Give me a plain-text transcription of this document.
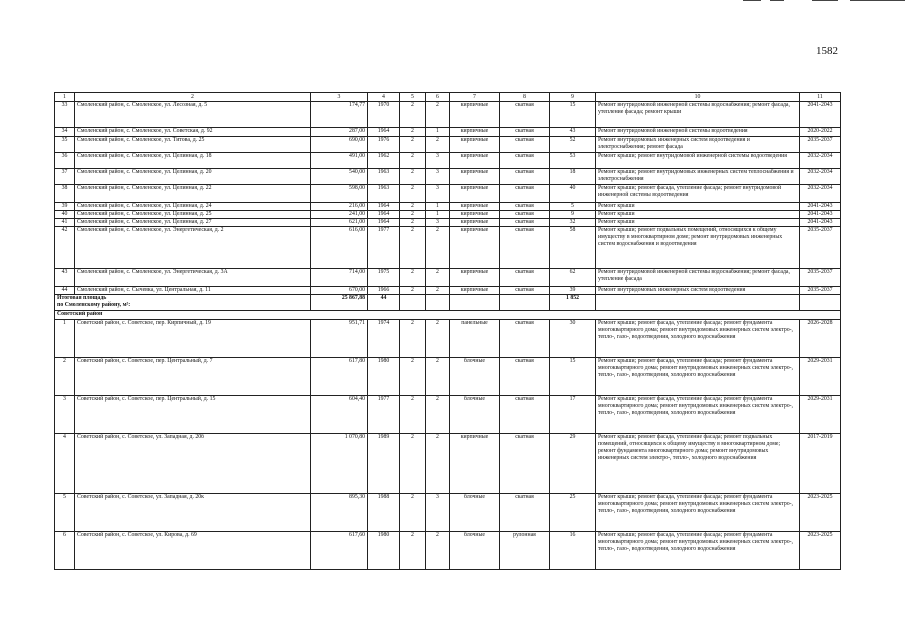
1582
1	2	3	4	5	6	7	8	9	10	11
33	Смоленский район, с. Смоленское, ул. Лесозная, д. 5	174,77	1970	2	2	кирпичные	скатная	15	Ремонт внутридомовой инженерной системы водоснабжения; ремонт фасада, утепление фасада; ремонт крыши	2041-2043
34	Смоленский район, с. Смоленское, ул. Советская, д. 92	287,00	1964	2	1	кирпичные	скатная	43	Ремонт внутридомовой инженерной системы водоотведения	2020-2022
35	Смоленский район, с. Смоленское, ул. Титова, д. 25	690,00	1976	2	2	кирпичные	скатная	52	Ремонт внутридомовых инженерных систем водоотведения и электроснабжения; ремонт фасада	2035-2037
36	Смоленский район, с. Смоленское, ул. Целинная, д. 18	491,00	1962	2	3	кирпичные	скатная	53	Ремонт крыши; ремонт внутридомовой инженерной системы водоотведения	2032-2034
37	Смоленский район, с. Смоленское, ул. Целинная, д. 20	540,00	1963	2	3	кирпичные	скатная	18	Ремонт крыши; ремонт внутридомовых инженерных систем теплоснабжения и электроснабжения	2032-2034
38	Смоленский район, с. Смоленское, ул. Целинная, д. 22	598,00	1963	2	3	кирпичные	скатная	40	Ремонт крыши; ремонт фасада, утепление фасада; ремонт внутридомовой инженерной системы водоотведения	2032-2034
39	Смоленский район, с. Смоленское, ул. Целинная, д. 24	216,00	1964	2	1	кирпичные	скатная	5	Ремонт крыши	2041-2043
40	Смоленский район, с. Смоленское, ул. Целинная, д. 25	241,00	1964	2	1	кирпичные	скатная	9	Ремонт крыши	2041-2043
41	Смоленский район, с. Смоленское, ул. Целинная, д. 27	621,00	1964	2	3	кирпичные	скатная	32	Ремонт крыши	2041-2043
42	Смоленский район, с. Смоленское, ул. Энергетическая, д. 2	616,00	1977	2	2	кирпичные	скатная	58	Ремонт крыши; ремонт подвальных помещений, относящихся к общему имуществу в многоквартирном доме; ремонт внутридомовых инженерных систем водоснабжения и водоотведения	2035-2037
43	Смоленский район, с. Смоленское, ул. Энергетическая, д. 3А	714,00	1975	2	2	кирпичные	скатная	62	Ремонт внутридомовой инженерной системы водоснабжения; ремонт фасада, утепление фасада	2035-2037
44	Смоленский район, с. Сычевка, ул. Центральная, д. 11	670,00	1966	2	2	кирпичные	скатная	39	Ремонт внутридомовых инженерных систем водоотведения	2035-2037

Итоговая площадь
по Смоленскому району, м²:		25 867,88	44					1 852		
Советский район										
1	Советский район, с. Советское, пер. Кирпичный, д. 19	951,71	1974	2	2	панельные	скатная	30	Ремонт крыши; ремонт фасада, утепление фасада; ремонт фундамента многоквартирного дома; ремонт внутридомовых инженерных систем электро-, тепло-, газо-, водоотведения, холодного водоснабжения	2026-2028
2	Советский район, с. Советское, пер. Центральный, д. 7	617,80	1980	2	2	блочные	скатная	15	Ремонт крыши; ремонт фасада, утепление фасада; ремонт фундамента многоквартирного дома; ремонт внутридомовых инженерных систем электро-, тепло-, газо-, водоотведения, холодного водоснабжения	2029-2031
3	Советский район, с. Советское, пер. Центральный, д. 15	604,40	1977	2	2	блочные	скатная	17	Ремонт крыши; ремонт фасада, утепление фасада; ремонт фундамента многоквартирного дома; ремонт внутридомовых инженерных систем электро-, тепло-, газо-, водоотведения, холодного водоснабжения	2029-2031
4	Советский район, с. Советское, ул. Западная, д. 20б	1 070,80	1989	2	2	кирпичные	скатная	29	Ремонт крыши; ремонт фасада, утепление фасада; ремонт подвальных помещений, относящихся к общему имуществу в многоквартирном доме; ремонт фундамента многоквартирного дома; ремонт внутридомовых инженерных систем электро-, тепло-, холодного водоснабжения	2017-2019
5	Советский район, с. Советское, ул. Западная, д. 20к	895,30	1988	2	3	блочные	скатная	25	Ремонт крыши; ремонт фасада, утепление фасада; ремонт фундамента многоквартирного дома; ремонт внутридомовых инженерных систем электро-, тепло-, газо-, водоотведения, холодного водоснабжения	2023-2025
6	Советский район, с. Советское, ул. Кирова, д. 69	617,60	1980	2	2	блочные	рулонная	16	Ремонт крыши; ремонт фасада, утепление фасада; ремонт фундамента многоквартирного дома; ремонт внутридомовых инженерных систем электро-, тепло-, газо-, водоотведения, холодного водоснабжения	2023-2025
